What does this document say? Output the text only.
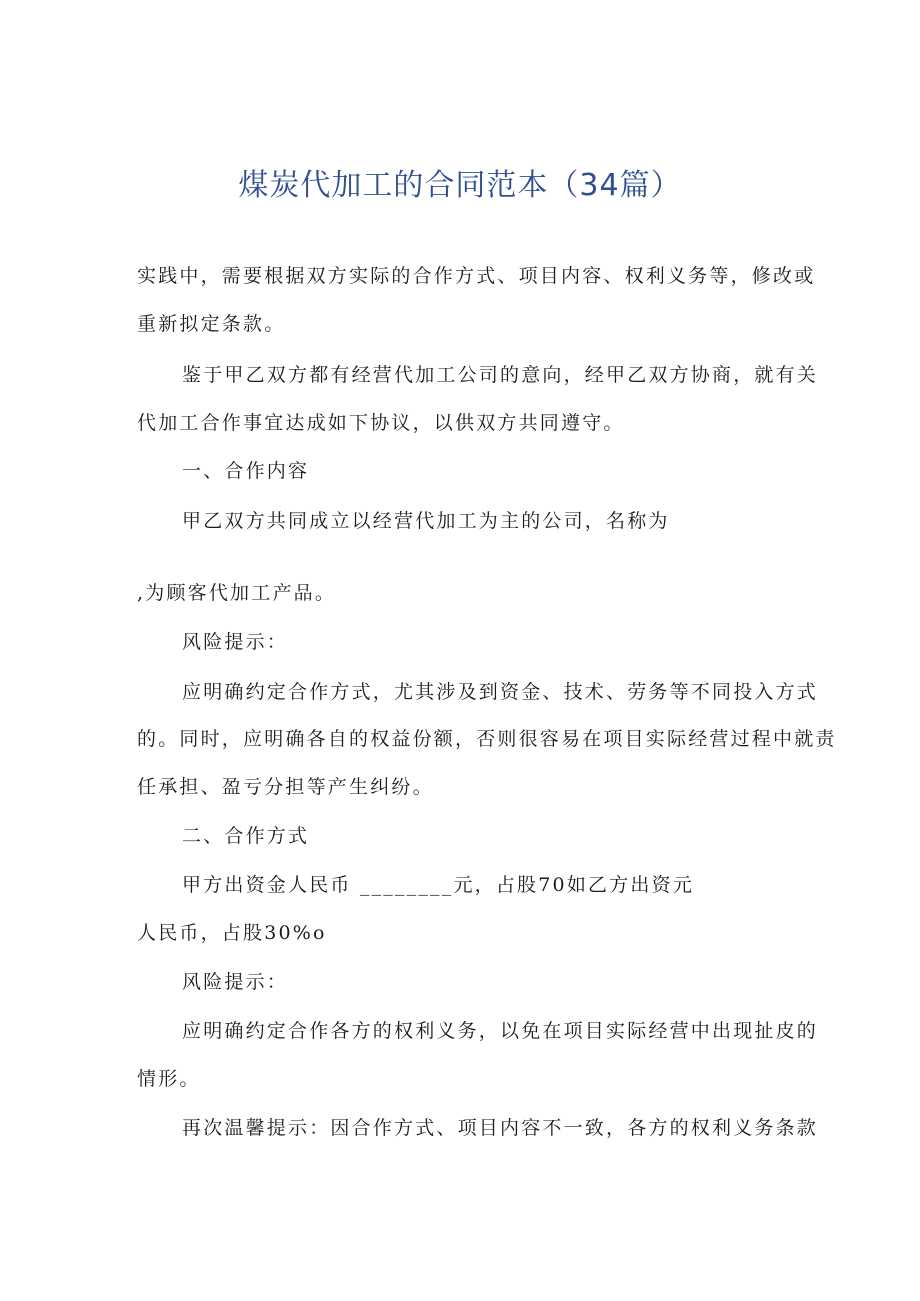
煤炭代加工的合同范本（34篇）

实践中，需要根据双方实际的合作方式、项目内容、权利义务等，修改或

重新拟定条款。

鉴于甲乙双方都有经营代加工公司的意向，经甲乙双方协商，就有关

代加工合作事宜达成如下协议，以供双方共同遵守。

一、合作内容

甲乙双方共同成立以经营代加工为主的公司，名称为

,为顾客代加工产品。

风险提示：

应明确约定合作方式，尤其涉及到资金、技术、劳务等不同投入方式

的。同时，应明确各自的权益份额，否则很容易在项目实际经营过程中就责

任承担、盈亏分担等产生纠纷。

二、合作方式

甲方出资金人民币 ________元，占股70如乙方出资元

人民币，占股30%o

风险提示：

应明确约定合作各方的权利义务，以免在项目实际经营中出现扯皮的

情形。

再次温馨提示：因合作方式、项目内容不一致，各方的权利义务条款
